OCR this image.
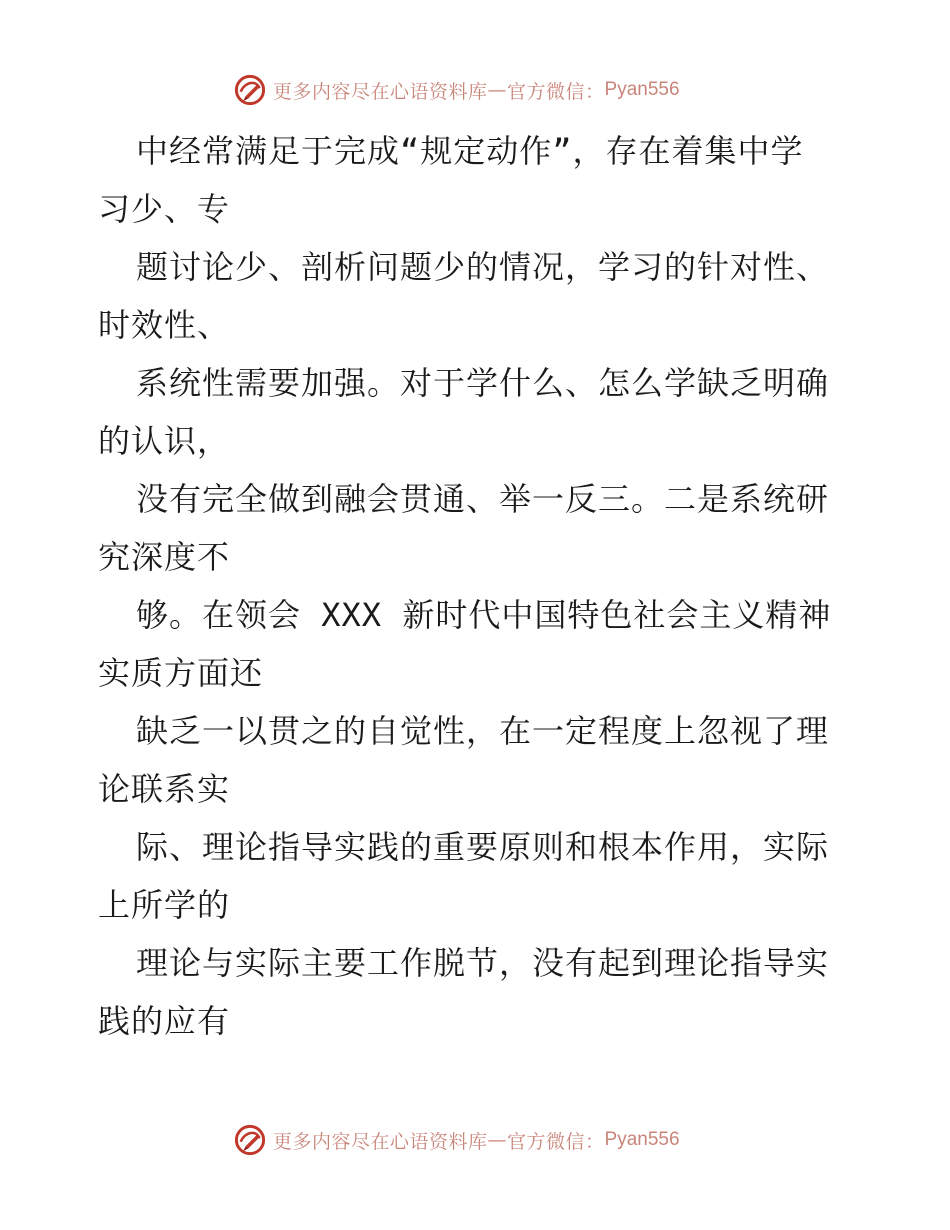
更多内容尽在心语资料库 — 官方微信： Pyan556
中经常满足于完成“规定动作”，存在着集中学
习少、专
题讨论少、剖析问题少的情况，学习的针对性、
时效性、
系统性需要加强。对于学什么、怎么学缺乏明确
的认识，
没有完全做到融会贯通、举一反三。二是系统研
究深度不
够。在领会 XXX 新时代中国特色社会主义精神
实质方面还
缺乏一以贯之的自觉性，在一定程度上忽视了理
论联系实
际、理论指导实践的重要原则和根本作用，实际
上所学的
理论与实际主要工作脱节，没有起到理论指导实
践的应有
更多内容尽在心语资料库 — 官方微信： Pyan556
